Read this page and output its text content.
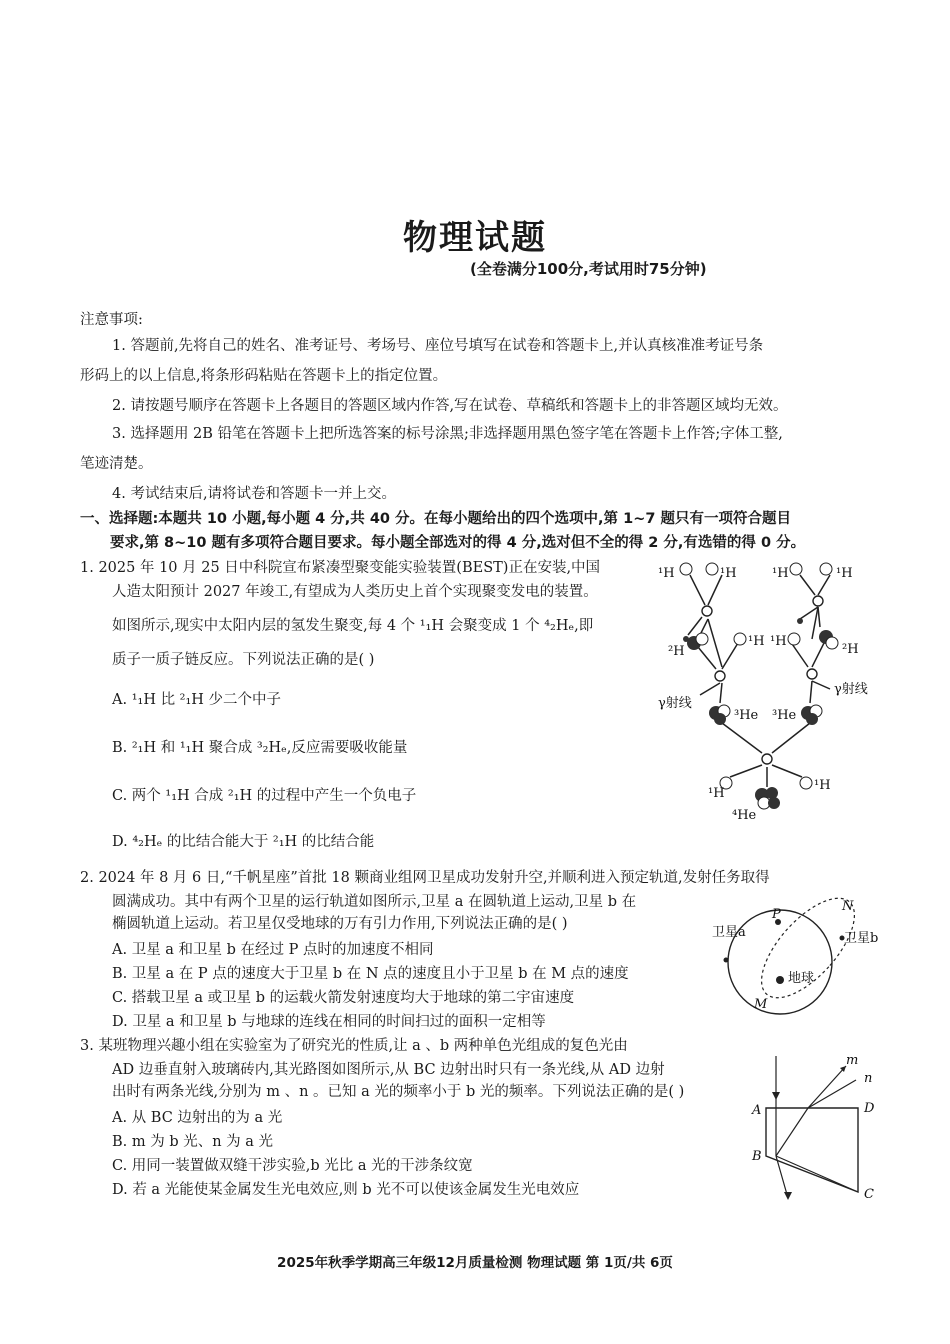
物理试题
(全卷满分100分,考试用时75分钟)
注意事项:
1. 答题前,先将自己的姓名、准考证号、考场号、座位号填写在试卷和答题卡上,并认真核准准考证号条
形码上的以上信息,将条形码粘贴在答题卡上的指定位置。
2. 请按题号顺序在答题卡上各题目的答题区域内作答,写在试卷、草稿纸和答题卡上的非答题区域均无效。
3. 选择题用 2B 铅笔在答题卡上把所选答案的标号涂黑;非选择题用黑色签字笔在答题卡上作答;字体工整,
笔迹清楚。
4. 考试结束后,请将试卷和答题卡一并上交。
一、选择题:本题共 10 小题,每小题 4 分,共 40 分。在每小题给出的四个选项中,第 1~7 题只有一项符合题目
要求,第 8~10 题有多项符合题目要求。每小题全部选对的得 4 分,选对但不全的得 2 分,有选错的得 0 分。
1. 2025 年 10 月 25 日中科院宣布紧凑型聚变能实验装置(BEST)正在安装,中国
人造太阳预计 2027 年竣工,有望成为人类历史上首个实现聚变发电的装置。
如图所示,现实中太阳内层的氢发生聚变,每 4 个 ¹₁H 会聚变成 1 个 ⁴₂Hₑ,即
质子一质子链反应。下列说法正确的是( )
A. ¹₁H 比 ²₁H 少二个中子
B. ²₁H 和 ¹₁H 聚合成 ³₂Hₑ,反应需要吸收能量
C. 两个 ¹₁H 合成 ²₁H 的过程中产生一个负电子
D. ⁴₂Hₑ 的比结合能大于 ²₁H 的比结合能
¹H	¹H	¹H	¹H
²H
¹H ¹H
²H
γ射线
γ射线
³He ³He
¹H
¹H
⁴He
2. 2024 年 8 月 6 日,“千帆星座”首批 18 颗商业组网卫星成功发射升空,并顺利进入预定轨道,发射任务取得
圆满成功。其中有两个卫星的运行轨道如图所示,卫星 a 在圆轨道上运动,卫星 b 在
椭圆轨道上运动。若卫星仅受地球的万有引力作用,下列说法正确的是( )
A. 卫星 a 和卫星 b 在经过 P 点时的加速度不相同
B. 卫星 a 在 P 点的速度大于卫星 b 在 N 点的速度且小于卫星 b 在 M 点的速度
C. 搭载卫星 a 或卫星 b 的运载火箭发射速度均大于地球的第二宇宙速度
D. 卫星 a 和卫星 b 与地球的连线在相同的时间扫过的面积一定相等
卫星a	卫星b
P
N
M
地球
3. 某班物理兴趣小组在实验室为了研究光的性质,让 a 、b 两种单色光组成的复色光由
AD 边垂直射入玻璃砖内,其光路图如图所示,从 BC 边射出时只有一条光线,从 AD 边射
出时有两条光线,分别为 m 、n 。已知 a 光的频率小于 b 光的频率。下列说法正确的是( )
A. 从 BC 边射出的为 a 光
B. m 为 b 光、n 为 a 光
C. 用同一装置做双缝干涉实验,b 光比 a 光的干涉条纹宽
D. 若 a 光能使某金属发生光电效应,则 b 光不可以使该金属发生光电效应
A
B
C
D
m
n
2025年秋季学期高三年级12月质量检测 物理试题 第 1页/共 6页
